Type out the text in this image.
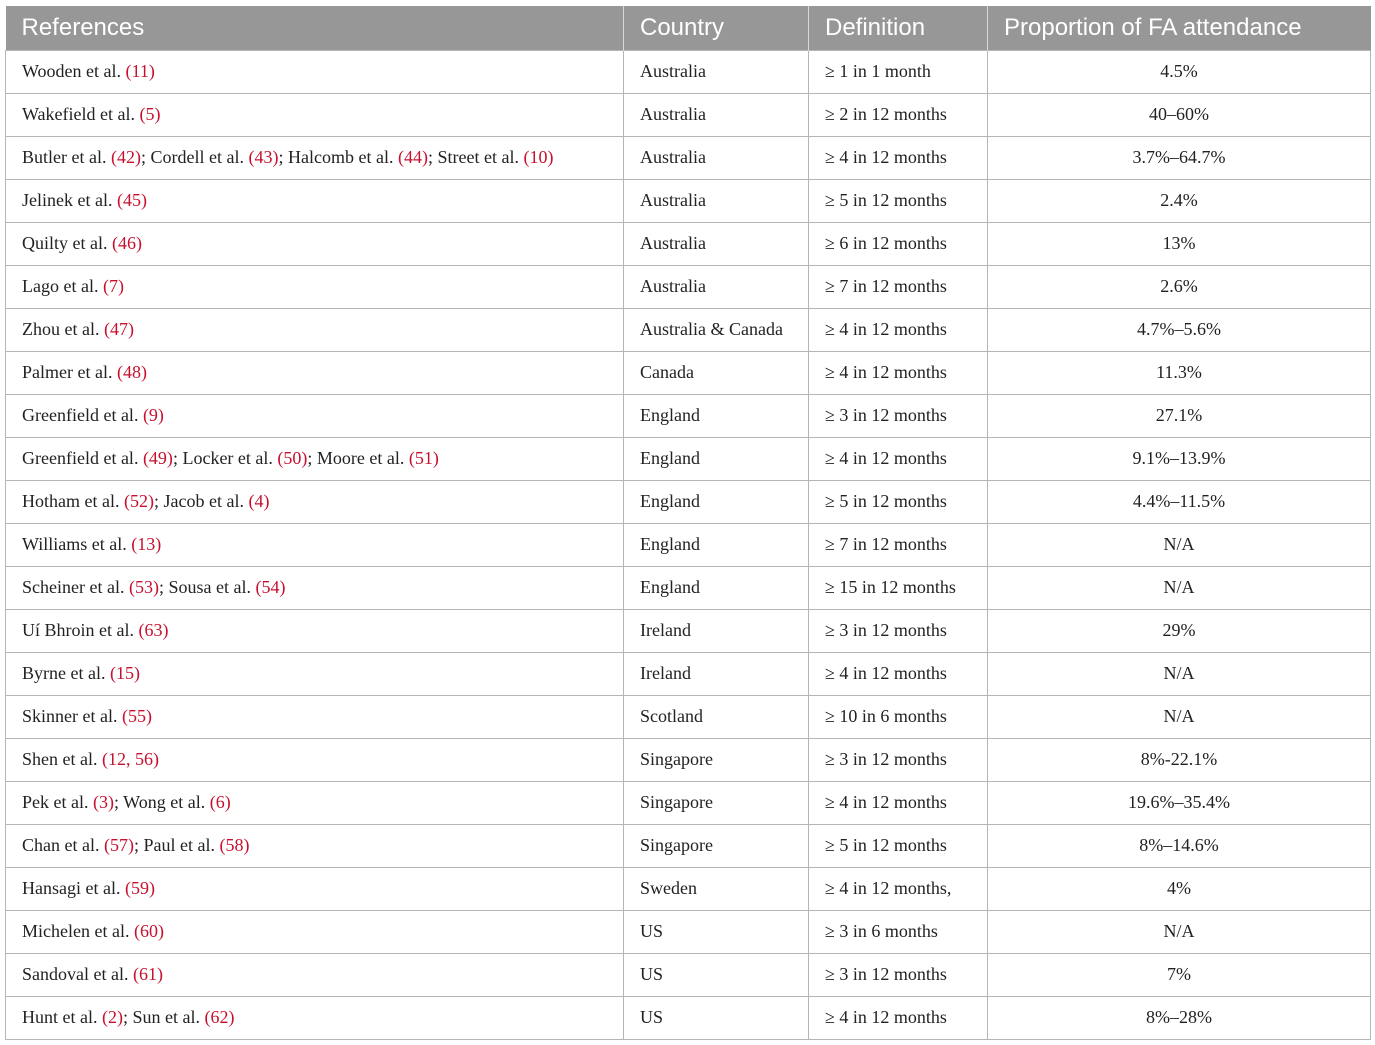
References	Country	Definition	Proportion of FA attendance
Wooden et al. (11)	Australia	≥ 1 in 1 month	4.5%
Wakefield et al. (5)	Australia	≥ 2 in 12 months	40–60%
Butler et al. (42); Cordell et al. (43); Halcomb et al. (44); Street et al. (10)	Australia	≥ 4 in 12 months	3.7%–64.7%
Jelinek et al. (45)	Australia	≥ 5 in 12 months	2.4%
Quilty et al. (46)	Australia	≥ 6 in 12 months	13%
Lago et al. (7)	Australia	≥ 7 in 12 months	2.6%
Zhou et al. (47)	Australia & Canada	≥ 4 in 12 months	4.7%–5.6%
Palmer et al. (48)	Canada	≥ 4 in 12 months	11.3%
Greenfield et al. (9)	England	≥ 3 in 12 months	27.1%
Greenfield et al. (49); Locker et al. (50); Moore et al. (51)	England	≥ 4 in 12 months	9.1%–13.9%
Hotham et al. (52); Jacob et al. (4)	England	≥ 5 in 12 months	4.4%–11.5%
Williams et al. (13)	England	≥ 7 in 12 months	N/A
Scheiner et al. (53); Sousa et al. (54)	England	≥ 15 in 12 months	N/A
Uí Bhroin et al. (63)	Ireland	≥ 3 in 12 months	29%
Byrne et al. (15)	Ireland	≥ 4 in 12 months	N/A
Skinner et al. (55)	Scotland	≥ 10 in 6 months	N/A
Shen et al. (12, 56)	Singapore	≥ 3 in 12 months	8%-22.1%
Pek et al. (3); Wong et al. (6)	Singapore	≥ 4 in 12 months	19.6%–35.4%
Chan et al. (57); Paul et al. (58)	Singapore	≥ 5 in 12 months	8%–14.6%
Hansagi et al. (59)	Sweden	≥ 4 in 12 months,	4%
Michelen et al. (60)	US	≥ 3 in 6 months	N/A
Sandoval et al. (61)	US	≥ 3 in 12 months	7%
Hunt et al. (2); Sun et al. (62)	US	≥ 4 in 12 months	8%–28%
